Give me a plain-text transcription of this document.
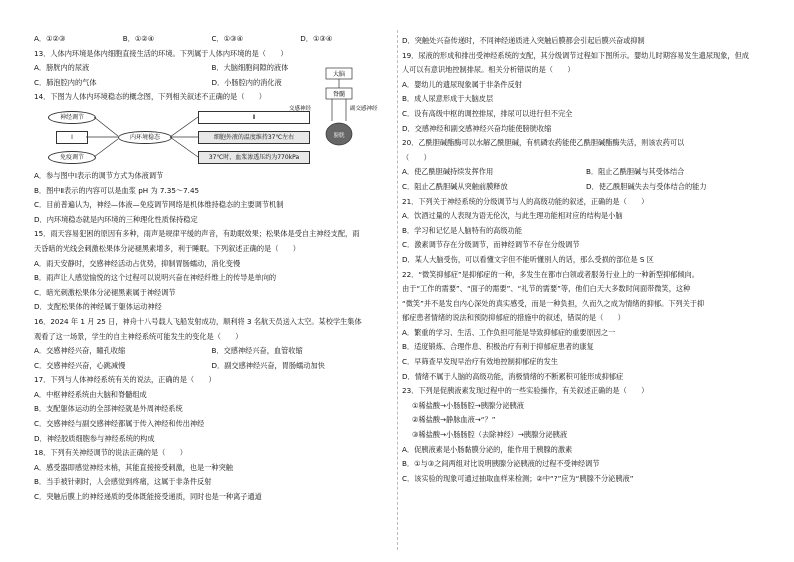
A．①②③	B．①②④	C．①③④	D．①③④
13．人体内环境是体内细胞直接生活的环境。下列属于人体内环境的是（　　）
A．膀胱内的尿液	B．大脑细胞间隙的液体
C．肺泡腔内的气体	D．小肠腔内的消化液
14．下图为人体内环境稳态的概念图，下列相关叙述不正确的是（　　）
神经调节
Ⅰ
免疫调节
内环境稳态
Ⅱ
细胞外液的温度维持37℃左右
37℃时，血浆渗透压约为770kPa
A．参与图中Ⅰ表示的调节方式为体液调节
B．图中Ⅱ表示的内容可以是血浆 pH 为 7.35～7.45
C．目前普遍认为，神经—体液—免疫调节网络是机体维持稳态的主要调节机制
D．内环境稳态就是内环境的三种理化性质保持稳定
15．雨天容易犯困的原因有多种，雨声是规律平缓的声音，有助眠效果；松果体是受自主神经支配，雨
天昏暗的光线会刺激松果体分泌褪黑素增多，利于睡眠。下列叙述正确的是（　　）
A．雨天安静时，交感神经活动占优势，抑制胃肠蠕动，消化变慢
B．雨声让人感觉愉悦的这个过程可以说明兴奋在神经纤维上的传导是单向的
C．暗光刺激松果体分泌褪黑素属于神经调节
D．支配松果体的神经属于躯体运动神经
16．2024 年 1 月 25 日，神舟十八号载人飞船发射成功，顺利将 3 名航天员送入太空。某校学生集体
观看了这一场景，学生的自主神经系统可能发生的变化是（　　）
A．交感神经兴奋，瞳孔收缩	B．交感神经兴奋，血管收缩
C．交感神经兴奋，心跳减慢	D．副交感神经兴奋，胃肠蠕动加快
17．下列与人体神经系统有关的说法，正确的是（　　）
A．中枢神经系统由大脑和脊髓组成
B．支配躯体运动的全部神经就是外周神经系统
C．交感神经与副交感神经都属于传入神经和传出神经
D．神经胶质细胞参与神经系统的构成
18．下列有关神经调节的说法正确的是（　　）
A．感受器即感觉神经末梢，其能直接接受刺激，也是一种突触
B．当手被针刺时，人会感觉到疼痛，这属于非条件反射
C．突触后膜上的神经递质的受体既能接受递质，同时也是一种离子通道
D．突触处兴奋传递时，不同神经递质进入突触后膜都会引起后膜兴奋或抑制
19．尿液的形成和排出受神经系统的支配，其分级调节过程如下图所示。婴幼儿时期容易发生遗尿现象，但成
人可以有意识地控制排尿。相关分析错误的是（　　）
A．婴幼儿的遗尿现象属于非条件反射
B．成人尿意形成于大脑皮层
C．设有高级中枢的调控排尿，排尿可以进行但不完全
D．交感神经和副交感神经兴奋均能使膀胱收缩
20．乙酰胆碱酯酶可以水解乙酰胆碱，有机磷农药能使乙酰胆碱酯酶失活，则该农药可以
（　　）
A．使乙酰胆碱持续发挥作用	B．阻止乙酰胆碱与其受体结合
C．阻止乙酰胆碱从突触前膜释放	D．使乙酰胆碱失去与受体结合的能力
21．下列关于神经系统的分级调节与人的高级功能的叙述，正确的是（　　）
A．饮酒过量的人表现为语无伦次，与此生理功能相对应的结构是小脑
B．学习和记忆是人脑特有的高级功能
C．激素调节存在分级调节，而神经调节不存在分级调节
D．某人大脑受伤，可以看懂文字但不能听懂别人的话，那么受损的部位是 S 区
22．“微笑抑郁症”是抑郁症的一种，多发生在都市白领或者服务行业上的一种新型抑郁倾向。
由于“工作的需要”、“面子的需要”、“礼节的需要”等，他们白天大多数时间面带微笑，这种
“微笑”并不是发自内心深处的真实感受，而是一种负担，久而久之成为情绪的抑郁。下列关于抑
郁症患者情绪的说法和预防抑郁症的措施中的叙述，错误的是（　　）
A．繁重的学习、生活、工作负担可能是导致抑郁症的重要原因之一
B．适度锻炼、合理作息、积极治疗有利于抑郁症患者的康复
C．早筛查早发现早治疗有效地控制抑郁症的发生
D．情绪不属于人脑的高级功能，消极情绪的不断累积可能形成抑郁症
23．下列是促胰液素发现过程中的一些实验操作，有关叙述正确的是（　　）
①稀盐酸→小肠肠腔→胰腺分泌胰液
②稀盐酸→静脉血液→“？”
③稀盐酸→小肠肠腔（去除神经）→胰腺分泌胰液
A．促胰液素是小肠黏膜分泌的，能作用于胰腺的激素
B．①与③之间两组对比说明胰腺分泌胰液的过程不受神经调节
C．该实验的现象可通过抽取血样来检测；②中“?”应为“胰腺不分泌胰液”
大脑
脊髓
交感神经	副交感神经
膀胱
